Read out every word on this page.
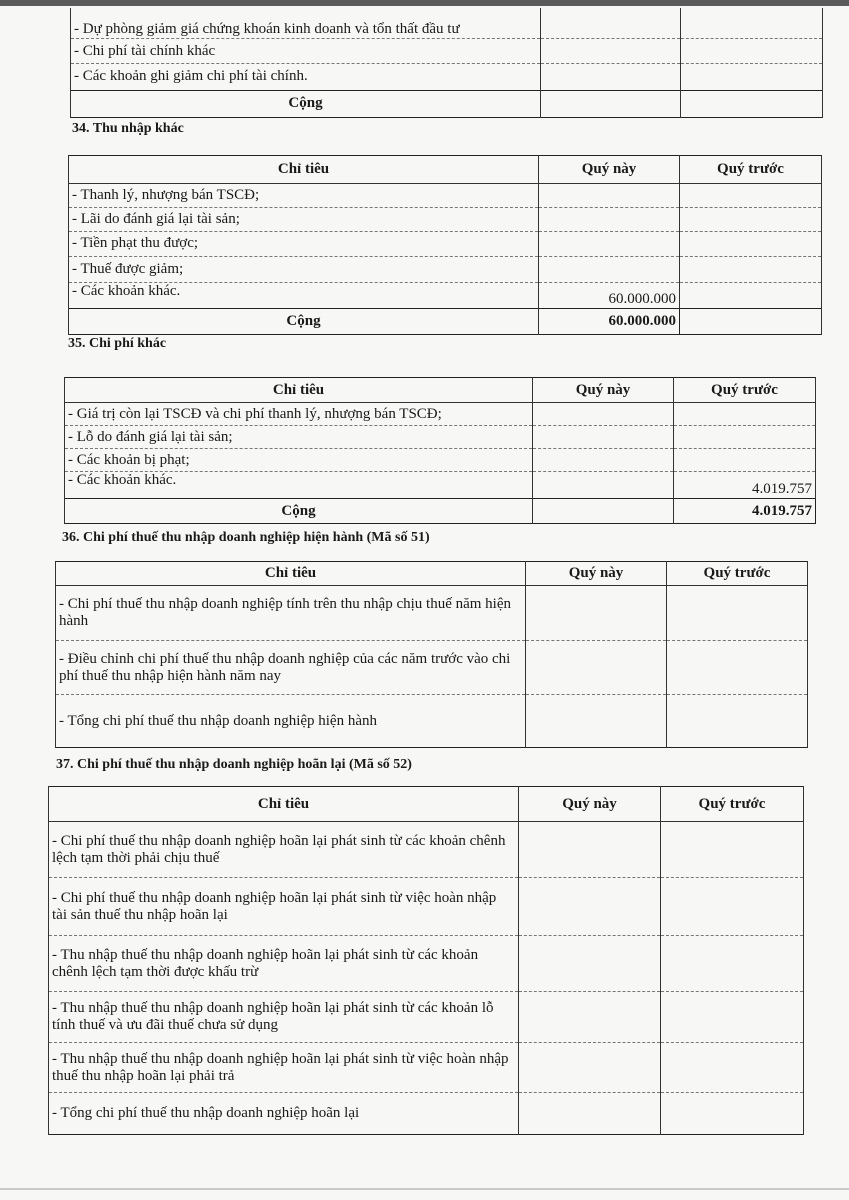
- Dự phòng giảm giá chứng khoán kinh doanh và tổn thất đầu tư		
- Chi phí tài chính khác		
- Các khoản ghi giảm chi phí tài chính.		
Cộng		
34. Thu nhập khác
Chỉ tiêu	Quý này	Quý trước
- Thanh lý, nhượng bán TSCĐ;		
- Lãi do đánh giá lại tài sản;		
- Tiền phạt thu được;		
- Thuế được giảm;		
- Các khoản khác.	60.000.000	
Cộng	60.000.000	
35. Chi phí khác
Chỉ tiêu	Quý này	Quý trước
- Giá trị còn lại TSCĐ và chi phí thanh lý, nhượng bán TSCĐ;		
- Lỗ do đánh giá lại tài sản;		
- Các khoản bị phạt;		
- Các khoản khác.		4.019.757
Cộng		4.019.757
36. Chi phí thuế thu nhập doanh nghiệp hiện hành (Mã số 51)
Chỉ tiêu	Quý này	Quý trước
- Chi phí thuế thu nhập doanh nghiệp tính trên thu nhập chịu thuế năm hiện hành		
- Điều chỉnh chi phí thuế thu nhập doanh nghiệp của các năm trước vào chi phí thuế thu nhập hiện hành năm nay		
- Tổng chi phí thuế thu nhập doanh nghiệp hiện hành		
37. Chi phí thuế thu nhập doanh nghiệp hoãn lại (Mã số 52)
Chỉ tiêu	Quý này	Quý trước
- Chi phí thuế thu nhập doanh nghiệp hoãn lại phát sinh từ các khoản chênh lệch tạm thời phải chịu thuế		
- Chi phí thuế thu nhập doanh nghiệp hoãn lại phát sinh từ việc hoàn nhập tài sản thuế thu nhập hoãn lại		
- Thu nhập thuế thu nhập doanh nghiệp hoãn lại phát sinh từ các khoản chênh lệch tạm thời được khấu trừ		
- Thu nhập thuế thu nhập doanh nghiệp hoãn lại phát sinh từ các khoản lỗ tính thuế và ưu đãi thuế chưa sử dụng		
- Thu nhập thuế thu nhập doanh nghiệp hoãn lại phát sinh từ việc hoàn nhập thuế thu nhập hoãn lại phải trả		
- Tổng chi phí thuế thu nhập doanh nghiệp hoãn lại		
